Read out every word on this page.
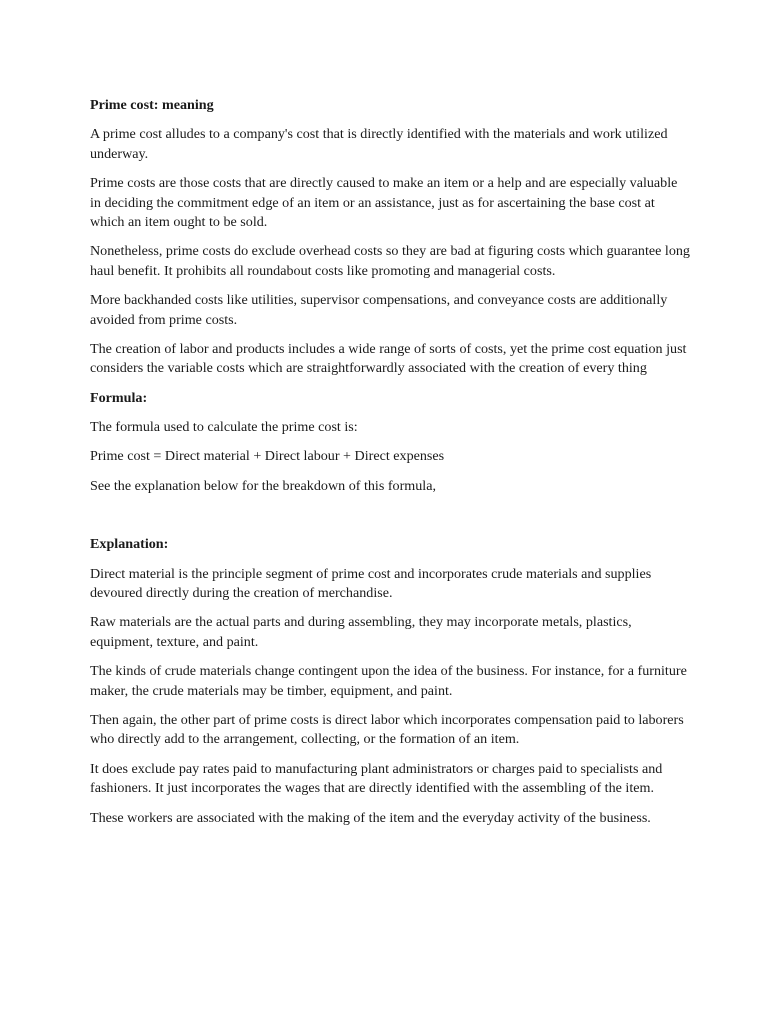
Prime cost: meaning

A prime cost alludes to a company's cost that is directly identified with the materials and work utilized underway.

Prime costs are those costs that are directly caused to make an item or a help and are especially valuable in deciding the commitment edge of an item or an assistance, just as for ascertaining the base cost at which an item ought to be sold.

Nonetheless, prime costs do exclude overhead costs so they are bad at figuring costs which guarantee long haul benefit. It prohibits all roundabout costs like promoting and managerial costs.

More backhanded costs like utilities, supervisor compensations, and conveyance costs are additionally avoided from prime costs.

The creation of labor and products includes a wide range of sorts of costs, yet the prime cost equation just considers the variable costs which are straightforwardly associated with the creation of every thing

Formula:

The formula used to calculate the prime cost is:

Prime cost = Direct material + Direct labour + Direct expenses

See the explanation below for the breakdown of this formula,

Explanation:

Direct material is the principle segment of prime cost and incorporates crude materials and supplies devoured directly during the creation of merchandise.

Raw materials are the actual parts and during assembling, they may incorporate metals, plastics, equipment, texture, and paint.

The kinds of crude materials change contingent upon the idea of the business. For instance, for a furniture maker, the crude materials may be timber, equipment, and paint.

Then again, the other part of prime costs is direct labor which incorporates compensation paid to laborers who directly add to the arrangement, collecting, or the formation of an item.

It does exclude pay rates paid to manufacturing plant administrators or charges paid to specialists and fashioners. It just incorporates the wages that are directly identified with the assembling of the item.

These workers are associated with the making of the item and the everyday activity of the business.
